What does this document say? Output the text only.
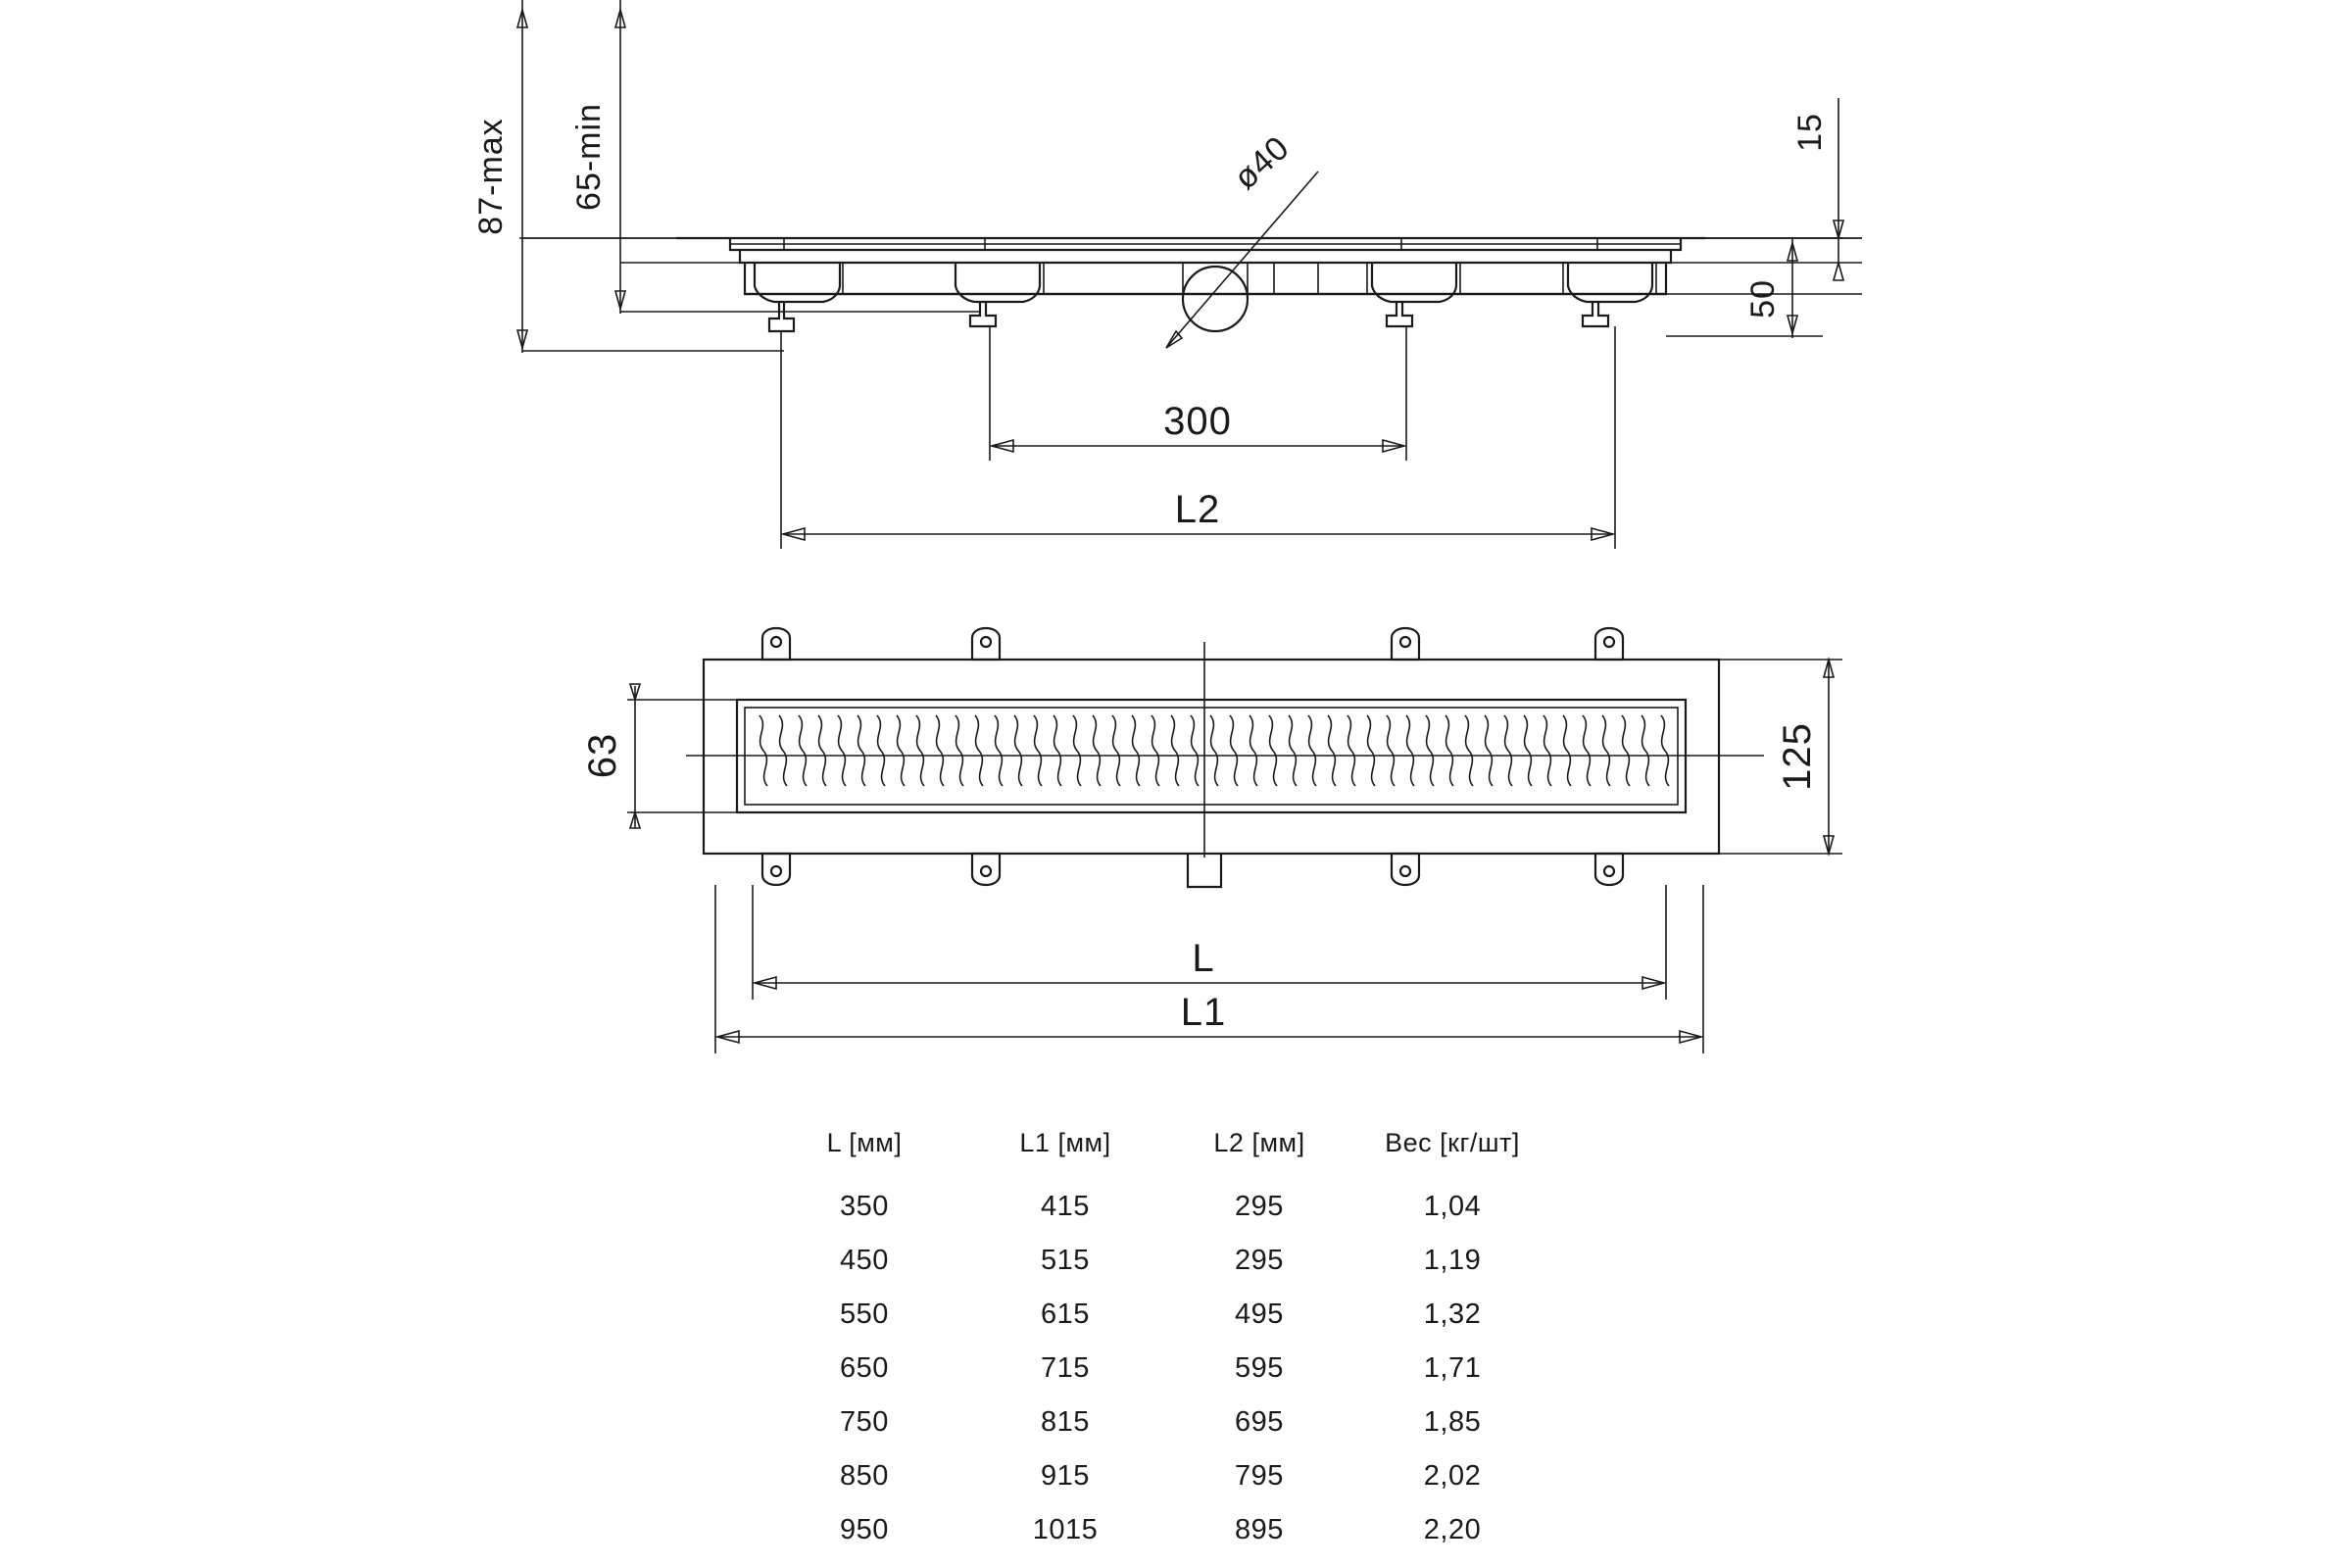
ø40
87-max 65-min	15
50
300
L2
63	125
L
L1
L [мм]	L1 [мм]	L2 [мм]	Вес [кг/шт]
350	415	295	1,04
450	515	295	1,19
550	615	495	1,32
650	715	595	1,71
750	815	695	1,85
850	915	795	2,02
950	1015	895	2,20
